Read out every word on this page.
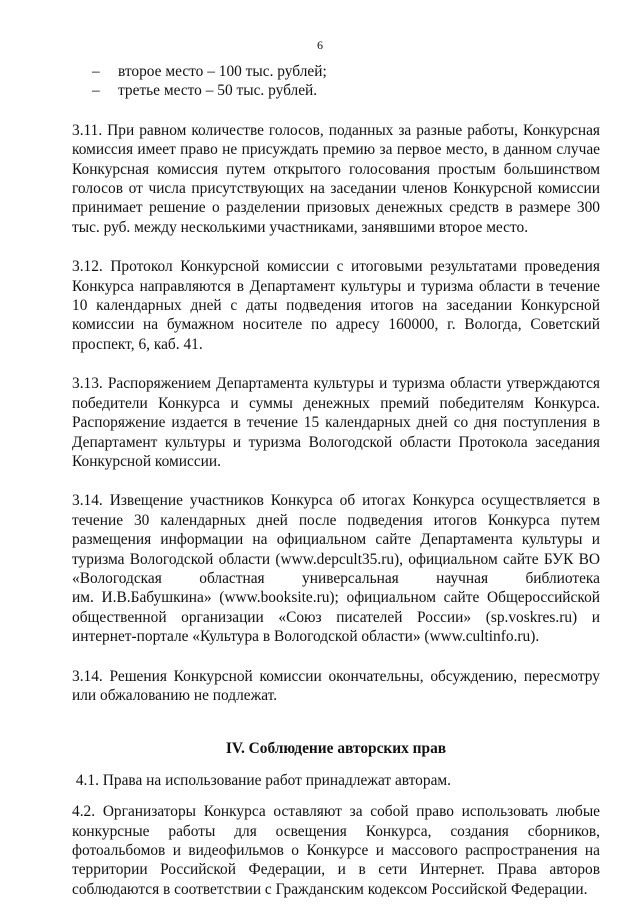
6
– второе место – 100 тыс. рублей;
– третье место – 50 тыс. рублей.
3.11. При равном количестве голосов, поданных за разные работы, Конкурсная
комиссия имеет право не присуждать премию за первое место, в данном случае
Конкурсная комиссия путем открытого голосования простым большинством
голосов от числа присутствующих на заседании членов Конкурсной комиссии
принимает решение о разделении призовых денежных средств в размере 300
тыс. руб. между несколькими участниками, занявшими второе место.
3.12. Протокол Конкурсной комиссии с итоговыми результатами проведения
Конкурса направляются в Департамент культуры и туризма области в течение
10 календарных дней с даты подведения итогов на заседании Конкурсной
комиссии на бумажном носителе по адресу 160000, г. Вологда, Советский
проспект, 6, каб. 41.
3.13. Распоряжением Департамента культуры и туризма области утверждаются
победители Конкурса и суммы денежных премий победителям Конкурса.
Распоряжение издается в течение 15 календарных дней со дня поступления в
Департамент культуры и туризма Вологодской области Протокола заседания
Конкурсной комиссии.
3.14. Извещение участников Конкурса об итогах Конкурса осуществляется в
течение 30 календарных дней после подведения итогов Конкурса путем
размещения информации на официальном сайте Департамента культуры и
туризма Вологодской области (www.depcult35.ru), официальном сайте БУК ВО
«Вологодская областная универсальная научная библиотека
им. И.В.Бабушкина» (www.booksite.ru); официальном сайте Общероссийской
общественной организации «Союз писателей России» (sp.voskres.ru) и
интернет-портале «Культура в Вологодской области» (www.cultinfo.ru).
3.14. Решения Конкурсной комиссии окончательны, обсуждению, пересмотру
или обжалованию не подлежат.
IV. Соблюдение авторских прав
4.1. Права на использование работ принадлежат авторам.
4.2. Организаторы Конкурса оставляют за собой право использовать любые
конкурсные работы для освещения Конкурса, создания сборников,
фотоальбомов и видеофильмов о Конкурсе и массового распространения на
территории Российской Федерации, и в сети Интернет. Права авторов
соблюдаются в соответствии с Гражданским кодексом Российской Федерации.
